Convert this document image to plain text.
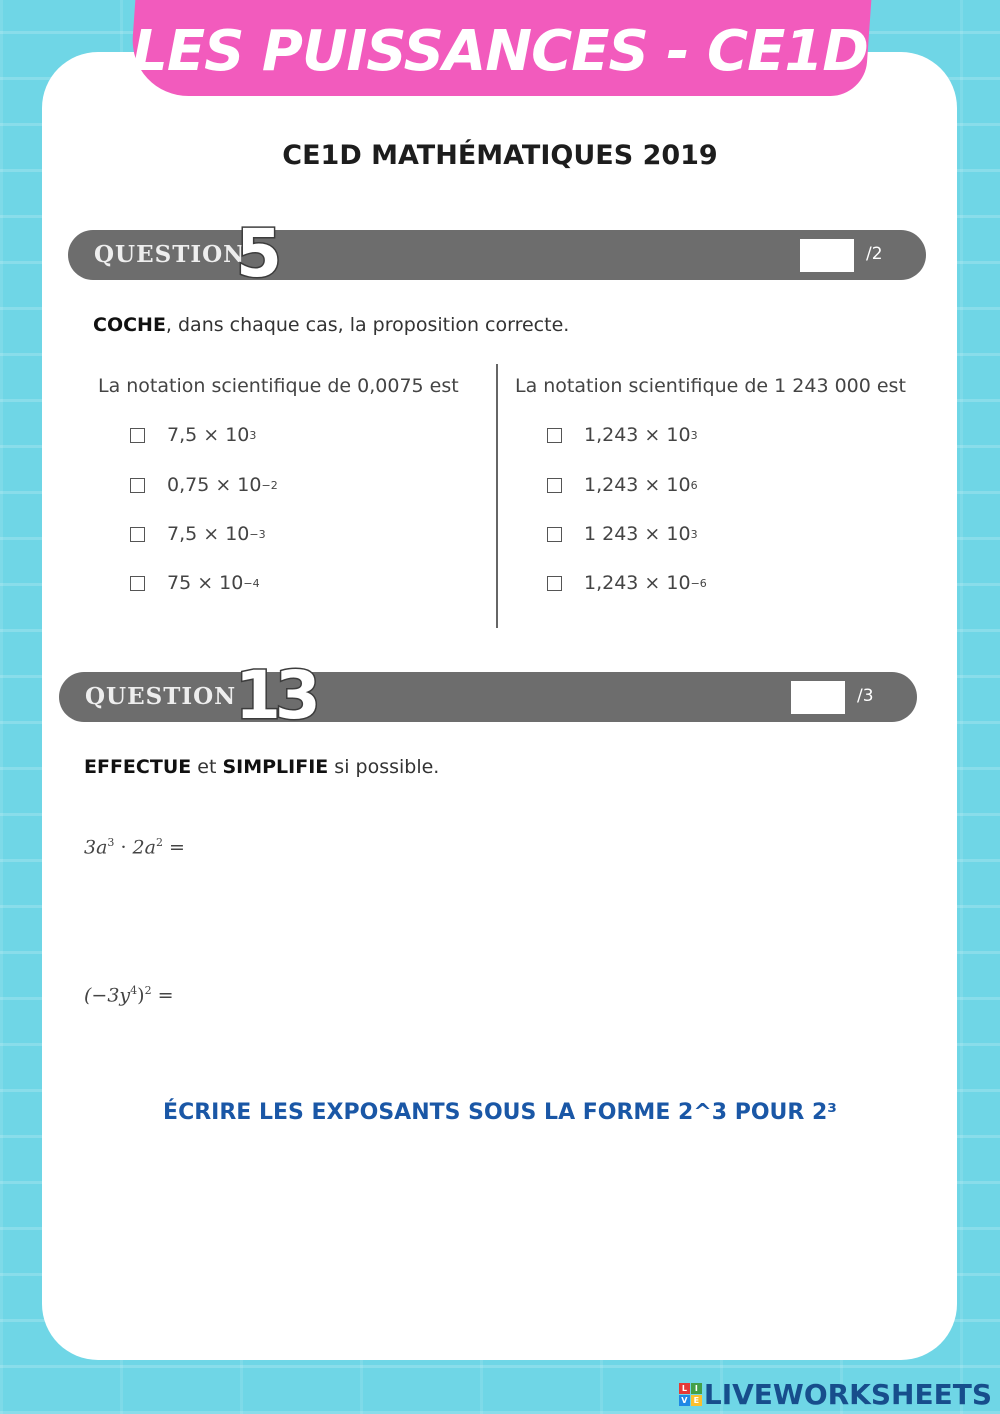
LES PUISSANCES - CE1D
CE1D MATHÉMATIQUES 2019
QUESTION
5	/2
COCHE, dans chaque cas, la proposition correcte.
La notation scientifique de 0,0075 est	La notation scientifique de 1 243 000 est
7,5 × 10 3
0,75 × 10 −2
7,5 × 10 −3
75 × 10 −4
1,243 × 10 3
1,243 × 10 6
1 243 × 10 3
1,243 × 10 −6
QUESTION
13	/3
EFFECTUE et SIMPLIFIE si possible.
$3a^3 \cdot 2a^2$ =
$(-3y^4)^2$ =
ÉCRIRE LES EXPOSANTS SOUS LA FORME 2^3 POUR 2³
L I
V E LIVEWORKSHEETS
